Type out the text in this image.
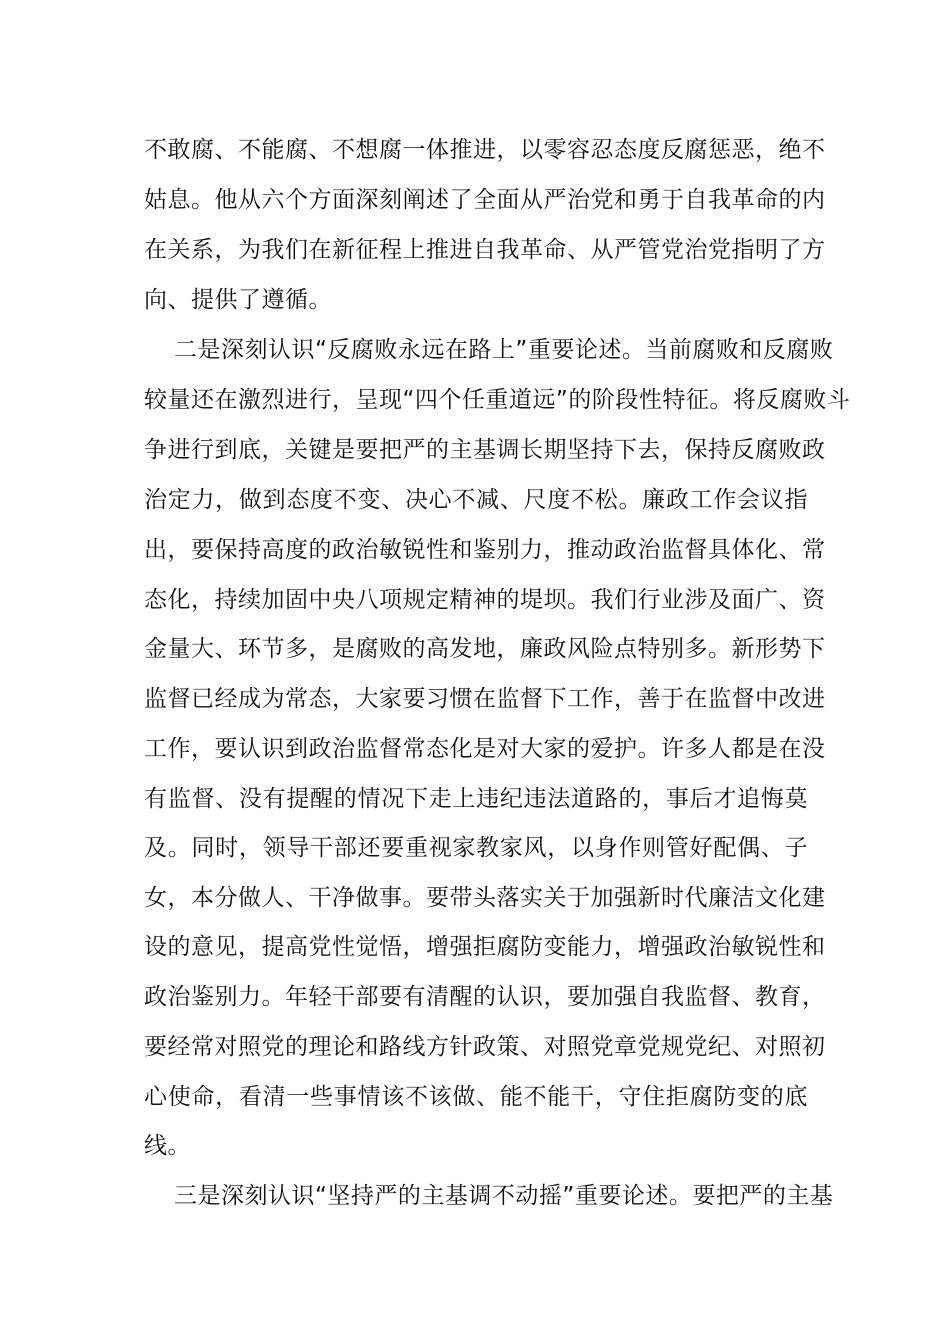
不敢腐、不能腐、不想腐一体推进，以零容忍态度反腐惩恶，绝不
姑息。他从六个方面深刻阐述了全面从严治党和勇于自我革命的内
在关系，为我们在新征程上推进自我革命、从严管党治党指明了方
向、提供了遵循。
二是深刻认识“反腐败永远在路上”重要论述。当前腐败和反腐败
较量还在激烈进行，呈现“四个任重道远”的阶段性特征。将反腐败斗
争进行到底，关键是要把严的主基调长期坚持下去，保持反腐败政
治定力，做到态度不变、决心不减、尺度不松。廉政工作会议指
出，要保持高度的政治敏锐性和鉴别力，推动政治监督具体化、常
态化，持续加固中央八项规定精神的堤坝。我们行业涉及面广、资
金量大、环节多，是腐败的高发地，廉政风险点特别多。新形势下
监督已经成为常态，大家要习惯在监督下工作，善于在监督中改进
工作，要认识到政治监督常态化是对大家的爱护。许多人都是在没
有监督、没有提醒的情况下走上违纪违法道路的，事后才追悔莫
及。同时，领导干部还要重视家教家风，以身作则管好配偶、子
女，本分做人、干净做事。要带头落实关于加强新时代廉洁文化建
设的意见，提高党性觉悟，增强拒腐防变能力，增强政治敏锐性和
政治鉴别力。年轻干部要有清醒的认识，要加强自我监督、教育，
要经常对照党的理论和路线方针政策、对照党章党规党纪、对照初
心使命，看清一些事情该不该做、能不能干，守住拒腐防变的底
线。
三是深刻认识“坚持严的主基调不动摇”重要论述。要把严的主基
